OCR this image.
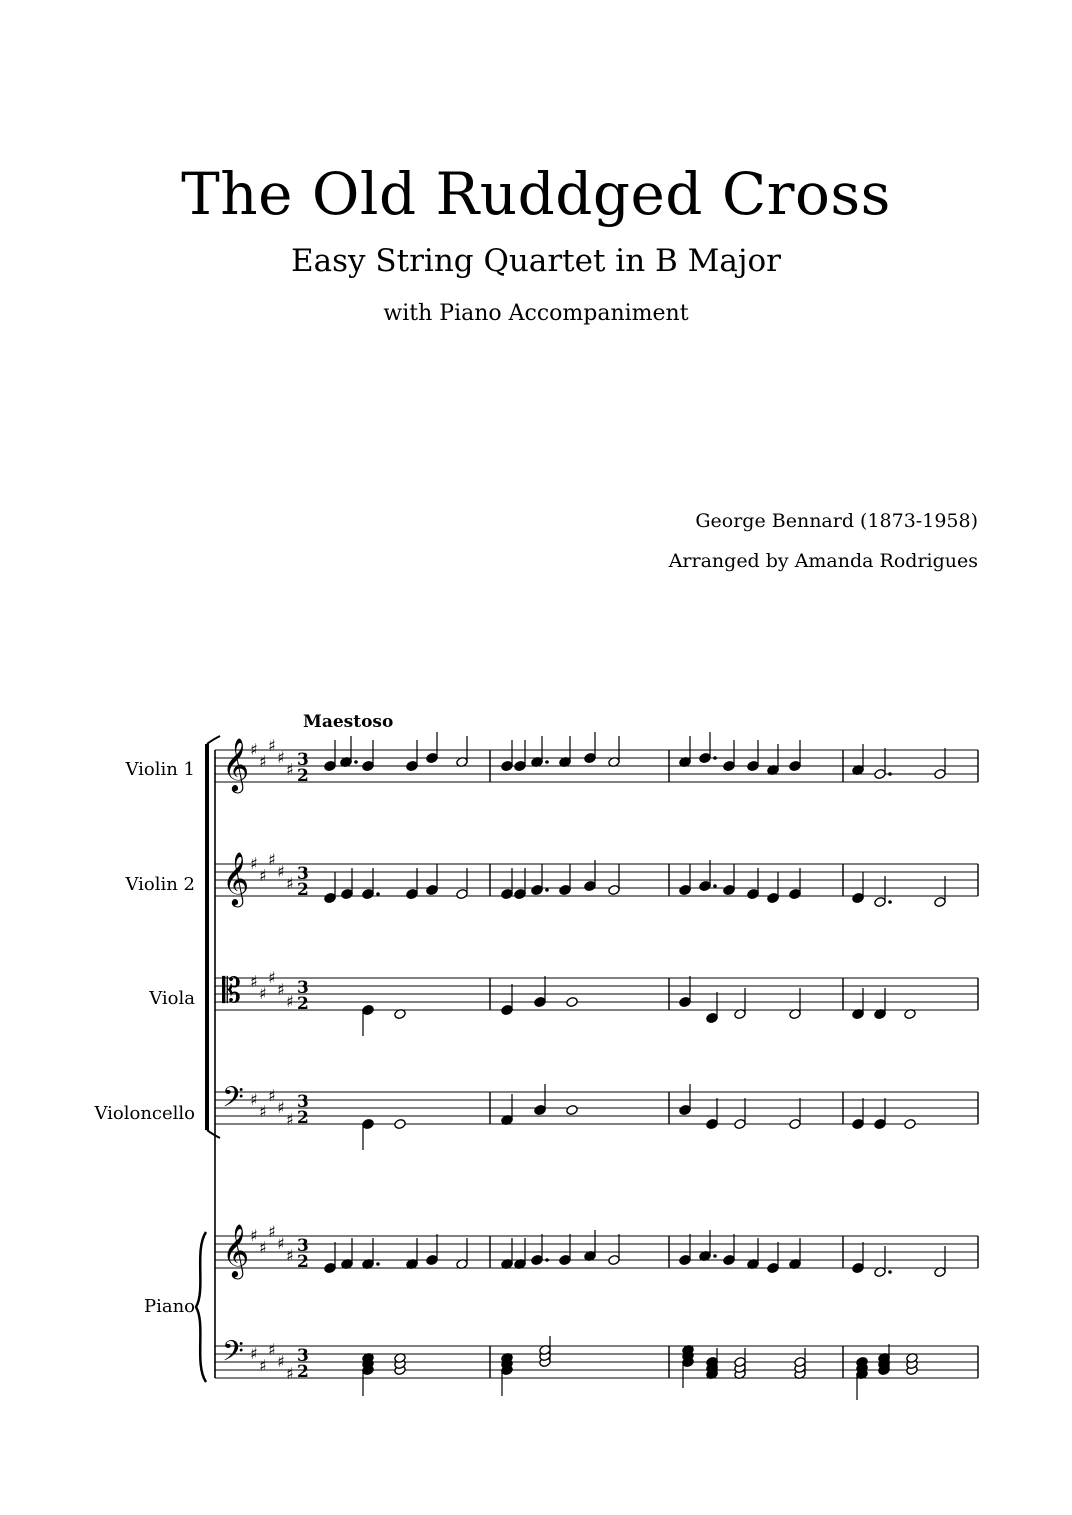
The Old Ruddged Cross
Easy String Quartet in B Major
with Piano Accompaniment
George Bennard (1873-1958)
Arranged by Amanda Rodrigues
Maestoso
Violin 1
Violin 2
Viola
Violoncello
Piano
𝄞
𝄞
𝄡
𝄢
𝄞
𝄢
♯
♯
♯
♯
♯ 3
2
♯
♯
♯
♯
♯ 3
2
♯
♯
♯
♯
♯
3
2
♯
♯
♯
♯
♯
3
2
♯
♯
♯
♯
♯ 3
2
♯
♯
♯
♯
♯
3
2
